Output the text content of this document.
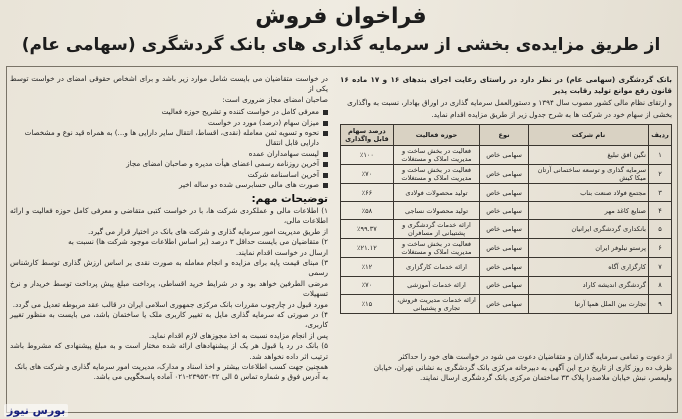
فراخوان فروش
از طریق مزایده‌ی بخشی از سرمایه گذاری های بانک گردشگری (سهامی عام)

بانک گردشگری (سهامی عام) در نظر دارد در راستای رعایت اجرای بندهای ۱۶ و ۱۷ ماده ۱۶ قانون رفع موانع تولید رقابت پذیر

و ارتقای نظام مالی کشور مصوب سال ۱۳۹۴ و دستورالعمل سرمایه گذاری در اوراق بهادار، نسبت به واگذاری

بخشی از سهام خود در شرکت ها به شرح جدول زیر از طریق مزایده اقدام نماید.

ردیف	نام شرکت	نوع	حوزه فعالیت	درصد سهام قابل واگذاری
۱	نگین افق تبلیغ	سهامی خاص	فعالیت در بخش ساخت و مدیریت املاک و مستغلات	٪۱۰۰
۲	سرمایه گذاری و توسعه ساختمانی آرتان میکا کیش	سهامی خاص	فعالیت در بخش ساخت و مدیریت املاک و مستغلات	٪۷۰
۳	مجتمع فولاد صنعت بناب	سهامی خاص	تولید محصولات فولادی	٪۶۶
۴	صنایع کاغذ مهر	سهامی خاص	تولید محصولات نساجی	٪۵۸
۵	بانکداری گردشگری ایرانیان	سهامی خاص	ارائه خدمات گردشگری و پشتیبانی از مسافران	٪۹۹.۳۷
۶	پرستو نیلوفر ایران	سهامی خاص	فعالیت در بخش ساخت و مدیریت املاک و مستغلات	٪۲۱.۱۲
۷	کارگزاری آگاه	سهامی خاص	ارائه خدمات کارگزاری	٪۱۲
۸	گردشگری اندیشه کاراد	سهامی خاص	ارائه خدمات آموزشی	٪۷۰
۹	تجارت بین الملل همپا آرتیا	سهامی خاص	ارائه خدمات مدیریت فروش، تجاری و پشتیبانی	٪۱۵

در خواست متقاضیان می بایست شامل موارد زیر باشد و برای اشخاص حقوقی امضای در خواست توسط یکی از

صاحبان امضای مجاز ضروری است:

معرفی کامل در خواست کننده و تشریح حوزه فعالیت
میزان سهام (درصد) مورد در خواست
نحوه و تسویه ثمن معامله (نقدی، اقساط، انتقال سایر دارایی ها و...) به همراه قید نوع و مشخصات دارایی قابل انتقال
لیست سهامداران عمده
آخرین روزنامه رسمی اعضای هیأت مدیره و صاحبان امضای مجاز
آخرین اساسنامه شرکت
صورت های مالی حسابرسی شده دو ساله اخیر
توضیحات مهم:

۱) اطلاعات مالی و عملکردی شرکت ها، با در خواست کتبی متقاضی و معرفی کامل حوزه فعالیت و ارائه اطلاعات مالی،

از طریق مدیریت امور سرمایه گذاری و شرکت های بانک در اختیار قرار می گیرد.

۲) متقاضیان می بایست حداقل ۳ درصد (بر اساس اطلاعات موجود شرکت ها) نسبت به

ارسال در خواست اقدام نمایند.

۳) مبنای قیمت پایه برای مزایده و انجام معامله به صورت نقدی بر اساس ارزش گذاری توسط کارشناس رسمی

مرضی الطرفین خواهد بود و در شرایط خرید اقساطی، پرداخت مبلغ پیش پرداخت توسط خریدار و نرخ تسهیلات

مورد قبول در چارچوب مقررات بانک مرکزی جمهوری اسلامی ایران در قالب عقد مربوطه تعدیل می گردد.

۴) در صورتی که سرمایه گذاری مایل به تغییر کاربری ملک یا ساختمان باشد، می بایست به منظور تغییر کاربری،

پس از انجام مزایده نسبت به اخذ مجوزهای لازم اقدام نماید.

۵) بانک در رد یا قبول هر یک از پیشنهادهای ارائه شده مختار است و به مبلغ پیشنهادی که مشروط باشد ترتیب اثر داده نخواهد شد.

همچنین جهت کسب اطلاعات بیشتر و اخذ اسناد و مدارک، مدیریت امور سرمایه گذاری و شرکت های بانک

به آدرس فوق و شماره تماس ۵ الی ۲۳۹۵۳۰۳۲-۰۲۱ آماده پاسخگویی می باشد.

از دعوت و تمامی سرمایه گذاران و متقاضیان دعوت می شود در خواست های خود را حداکثر

ظرف ده روز کاری از تاریخ درج این آگهی به دبیرخانه مرکزی بانک گردشگری به نشانی تهران، خیابان

ولیعصر، نبش خیابان ملاصدرا پلاک ۳۳ ساختمان مرکزی بانک گردشگری ارسال نمایند.

بورس نیوز
